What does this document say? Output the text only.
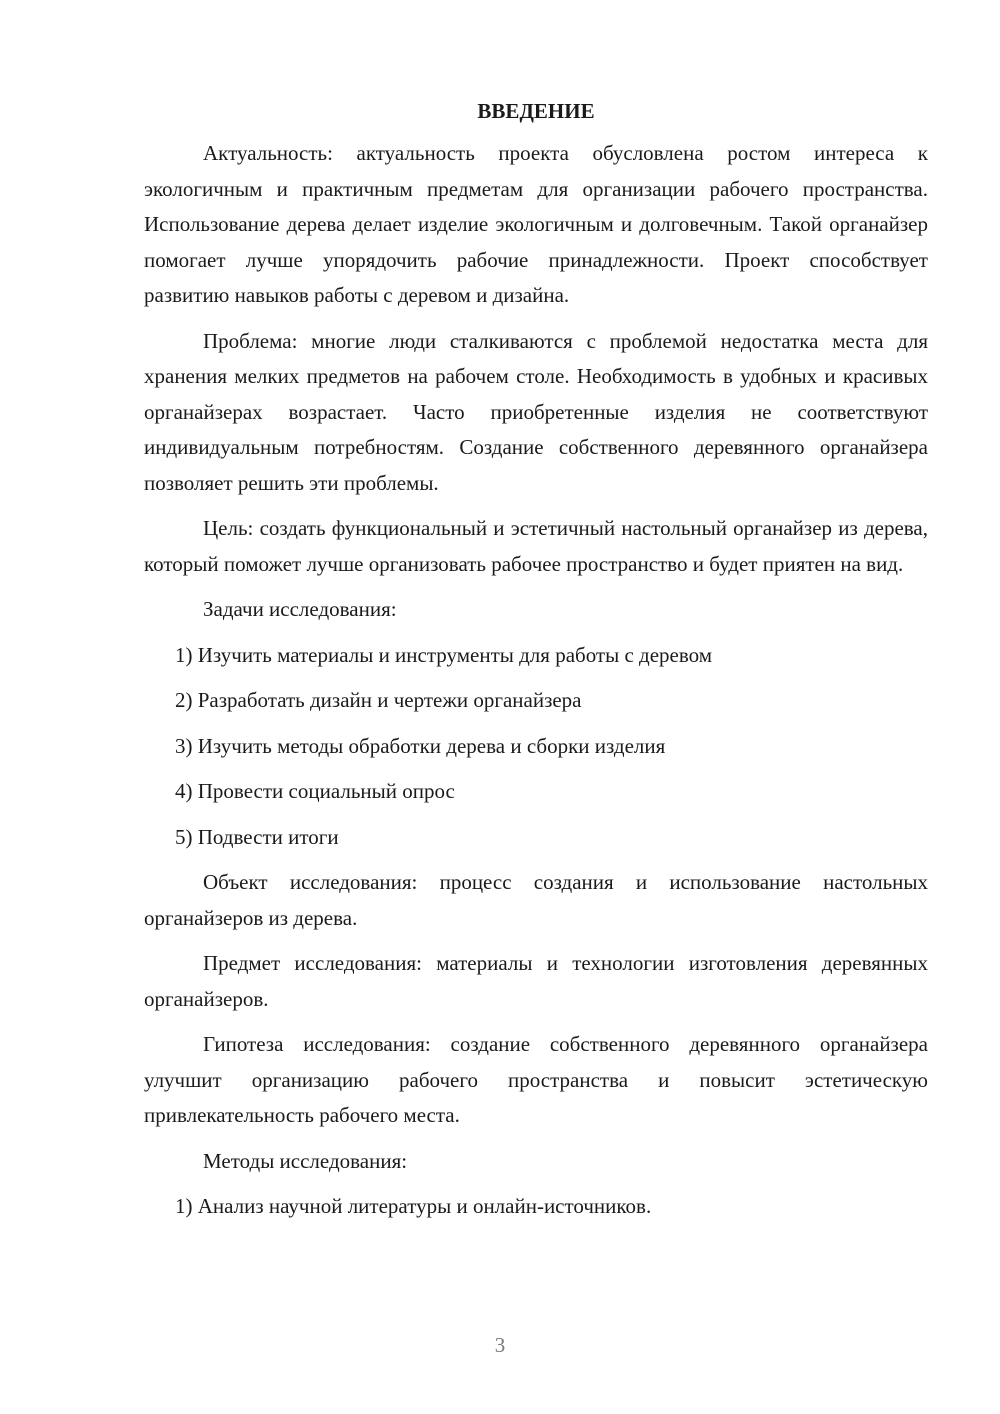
ВВЕДЕНИЕ

Актуальность: актуальность проекта обусловлена ростом интереса к экологичным и практичным предметам для организации рабочего пространства. Использование дерева делает изделие экологичным и долговечным. Такой органайзер помогает лучше упорядочить рабочие принадлежности. Проект способствует развитию навыков работы с деревом и дизайна.

Проблема: многие люди сталкиваются с проблемой недостатка места для хранения мелких предметов на рабочем столе. Необходимость в удобных и красивых органайзерах возрастает. Часто приобретенные изделия не соответствуют индивидуальным потребностям. Создание собственного деревянного органайзера позволяет решить эти проблемы.

Цель: создать функциональный и эстетичный настольный органайзер из дерева, который поможет лучше организовать рабочее пространство и будет приятен на вид.

Задачи исследования:

1) Изучить материалы и инструменты для работы с деревом
2) Разработать дизайн и чертежи органайзера
3) Изучить методы обработки дерева и сборки изделия
4) Провести социальный опрос
5) Подвести итоги

Объект исследования: процесс создания и использование настольных органайзеров из дерева.

Предмет исследования: материалы и технологии изготовления деревянных органайзеров.

Гипотеза исследования: создание собственного деревянного органайзера улучшит организацию рабочего пространства и повысит эстетическую привлекательность рабочего места.

Методы исследования:

1) Анализ научной литературы и онлайн-источников.
3
